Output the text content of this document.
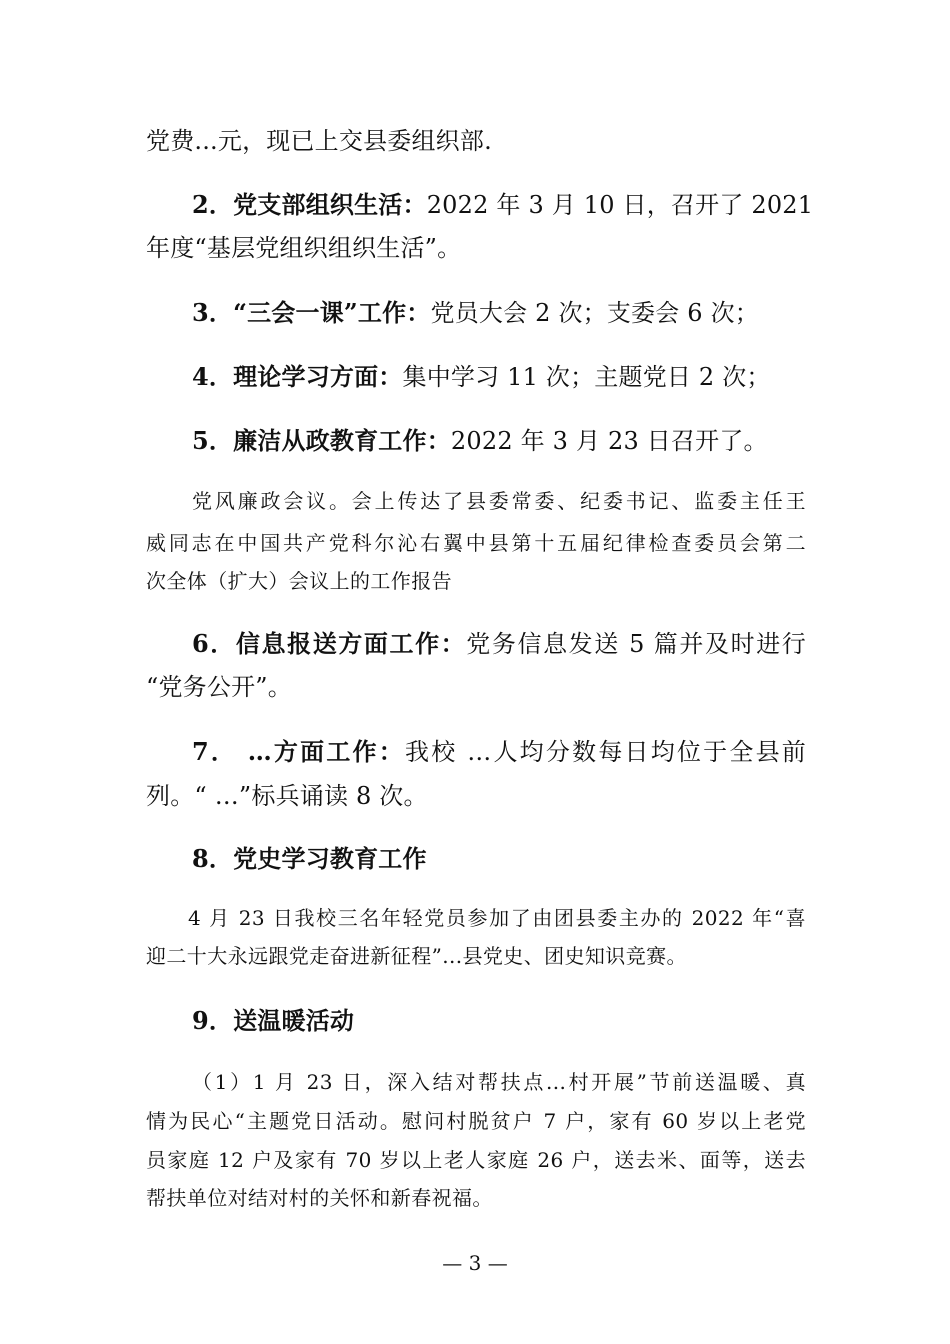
党费...元，现已上交县委组织部.
2．党支部组织生活：2022 年 3 月 10 日，召开了 2021
年度“基层党组织组织生活”。
3．“三会一课”工作：党员大会 2 次；支委会 6 次；
4．理论学习方面：集中学习 11 次；主题党日 2 次；
5．廉洁从政教育工作：2022 年 3 月 23 日召开了。
党风廉政会议。会上传达了县委常委、纪委书记、监委主任王
威同志在中国共产党科尔沁右翼中县第十五届纪律检查委员会第二
次全体（扩大）会议上的工作报告
6．信息报送方面工作：党务信息发送 5 篇并及时进行
“党务公开”。
7． …方面工作：我校 …人均分数每日均位于全县前
列。“ …”标兵诵读 8 次。
8．党史学习教育工作
4 月 23 日我校三名年轻党员参加了由团县委主办的 2022 年“喜
迎二十大永远跟党走奋进新征程”...县党史、团史知识竞赛。
9．送温暖活动
（1）1 月 23 日，深入结对帮扶点...村开展”节前送温暖、真
情为民心“主题党日活动。慰问村脱贫户 7 户，家有 60 岁以上老党
员家庭 12 户及家有 70 岁以上老人家庭 26 户，送去米、面等，送去
帮扶单位对结对村的关怀和新春祝福。
— 3 —
